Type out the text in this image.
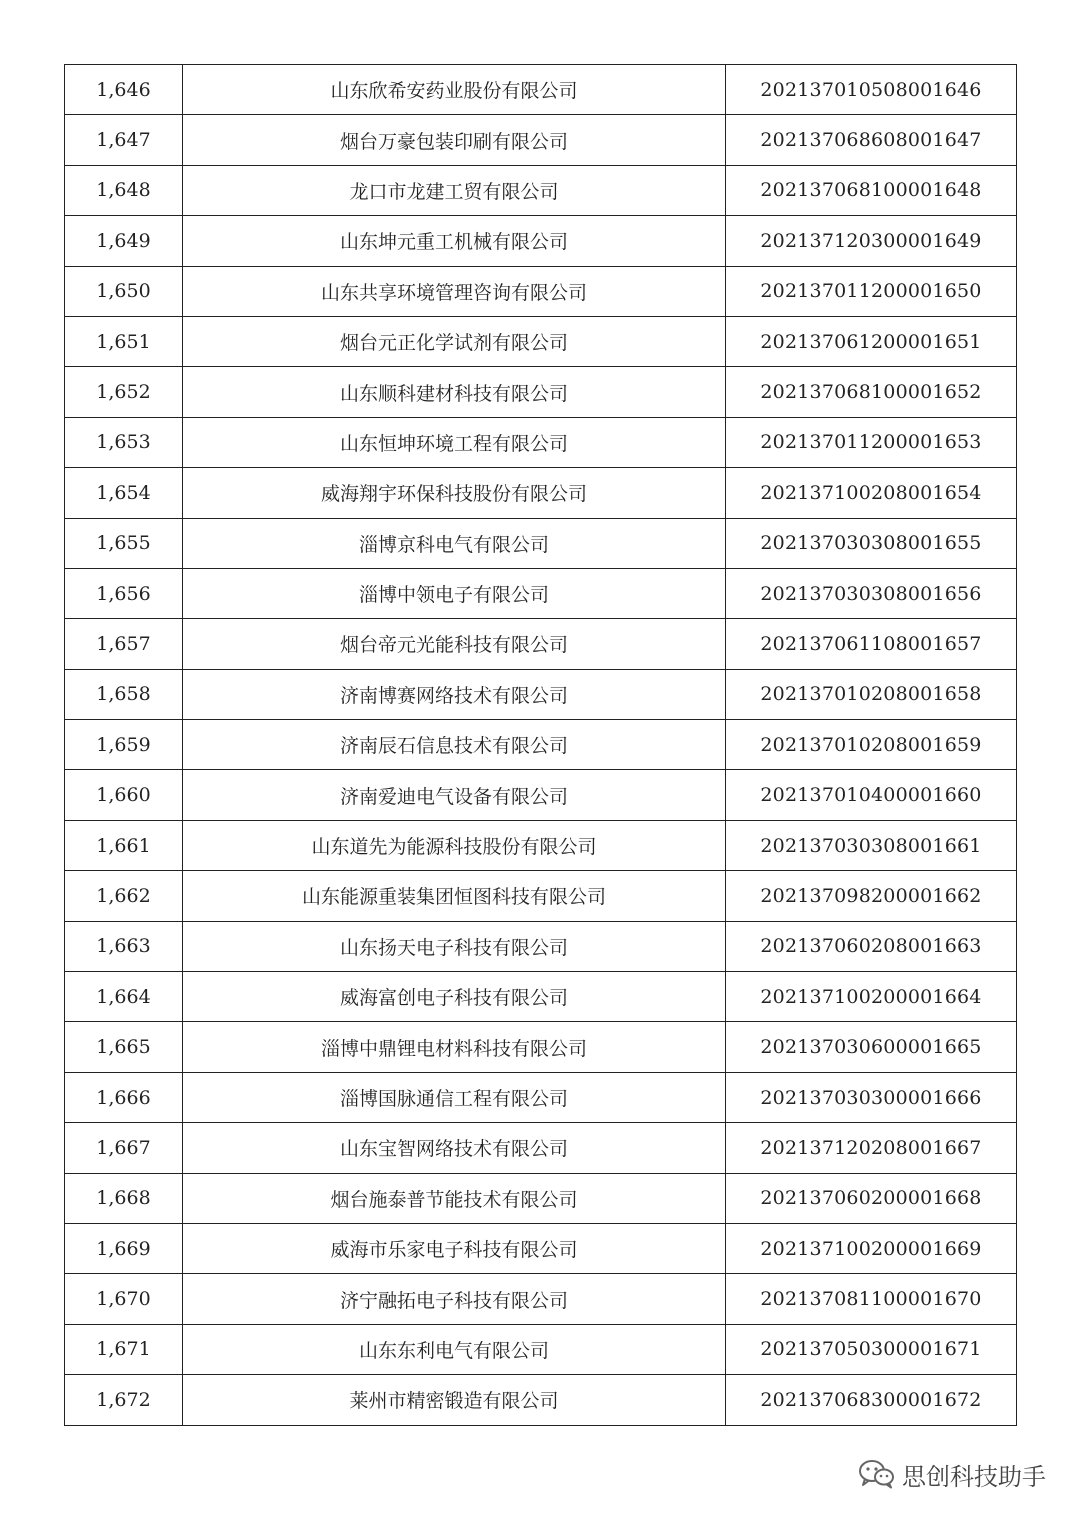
1,646	山东欣希安药业股份有限公司	202137010508001646
1,647	烟台万豪包装印刷有限公司	202137068608001647
1,648	龙口市龙建工贸有限公司	202137068100001648
1,649	山东坤元重工机械有限公司	202137120300001649
1,650	山东共享环境管理咨询有限公司	202137011200001650
1,651	烟台元正化学试剂有限公司	202137061200001651
1,652	山东顺科建材科技有限公司	202137068100001652
1,653	山东恒坤环境工程有限公司	202137011200001653
1,654	威海翔宇环保科技股份有限公司	202137100208001654
1,655	淄博京科电气有限公司	202137030308001655
1,656	淄博中领电子有限公司	202137030308001656
1,657	烟台帝元光能科技有限公司	202137061108001657
1,658	济南博赛网络技术有限公司	202137010208001658
1,659	济南辰石信息技术有限公司	202137010208001659
1,660	济南爱迪电气设备有限公司	202137010400001660
1,661	山东道先为能源科技股份有限公司	202137030308001661
1,662	山东能源重装集团恒图科技有限公司	202137098200001662
1,663	山东扬天电子科技有限公司	202137060208001663
1,664	威海富创电子科技有限公司	202137100200001664
1,665	淄博中鼎锂电材料科技有限公司	202137030600001665
1,666	淄博国脉通信工程有限公司	202137030300001666
1,667	山东宝智网络技术有限公司	202137120208001667
1,668	烟台施泰普节能技术有限公司	202137060200001668
1,669	威海市乐家电子科技有限公司	202137100200001669
1,670	济宁融拓电子科技有限公司	202137081100001670
1,671	山东东利电气有限公司	202137050300001671
1,672	莱州市精密锻造有限公司	202137068300001672
思创科技助手
